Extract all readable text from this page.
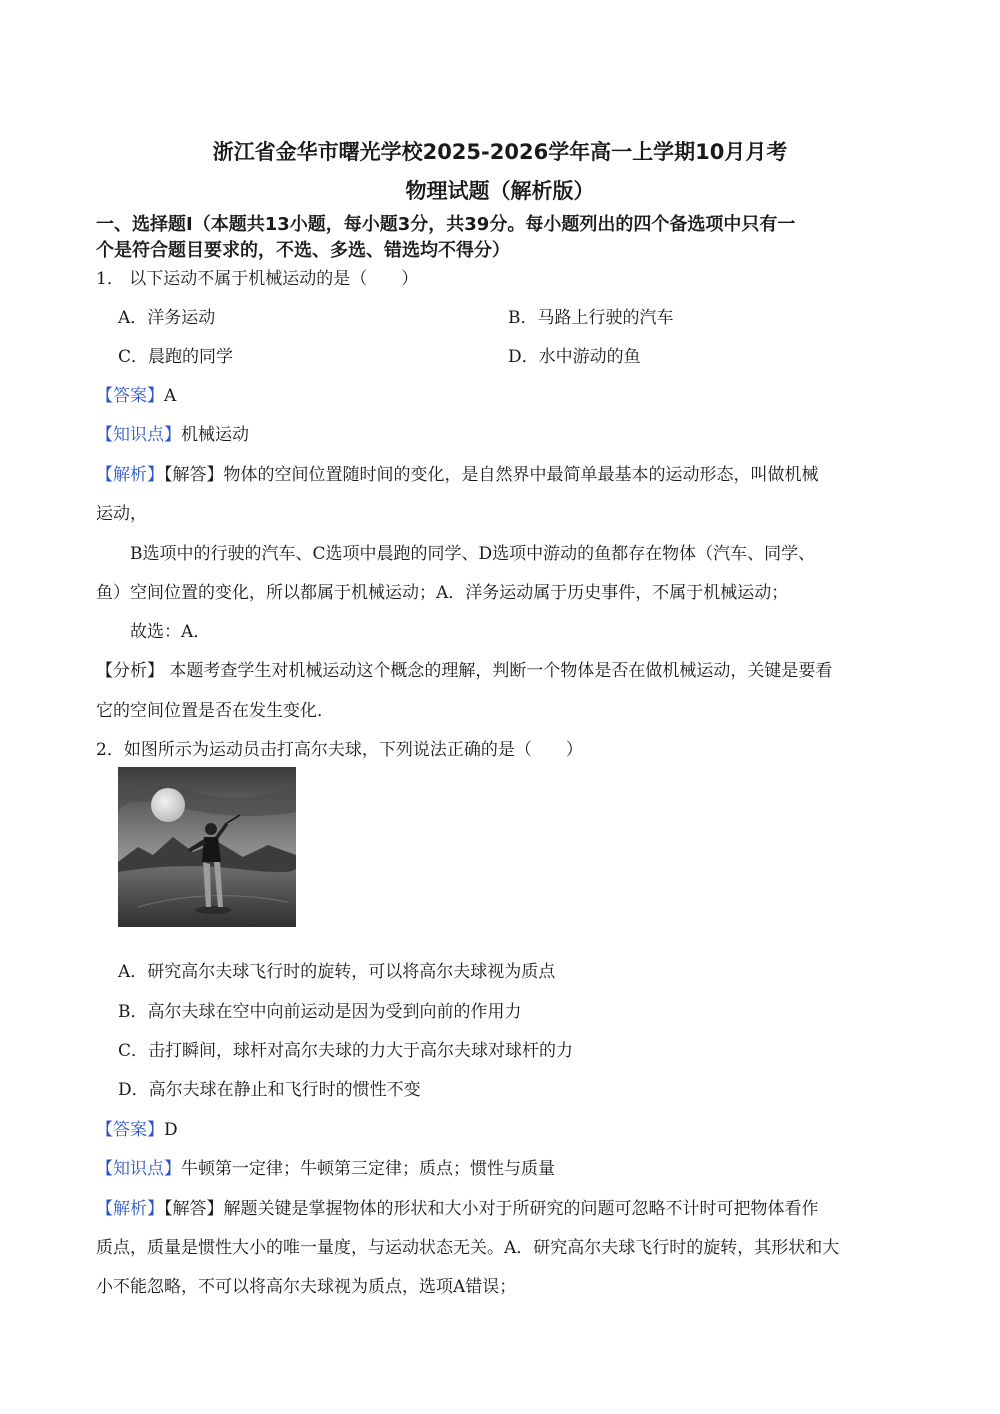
浙江省金华市曙光学校2025-2026学年高一上学期10月月考
物理试题（解析版）
一、选择题Ⅰ（本题共13小题，每小题3分，共39分。每小题列出的四个备选项中只有一
个是符合题目要求的，不选、多选、错选均不得分）
1． 以下运动不属于机械运动的是（　　）
A．洋务运动	B．马路上行驶的汽车
C．晨跑的同学	D．水中游动的鱼
【答案】A
【知识点】机械运动
【解析】【解答】物体的空间位置随时间的变化，是自然界中最简单最基本的运动形态，叫做机械
运动，
B选项中的行驶的汽车、C选项中晨跑的同学、D选项中游动的鱼都存在物体（汽车、同学、
鱼）空间位置的变化，所以都属于机械运动；A．洋务运动属于历史事件，不属于机械运动；
故选：A．
【分析】 本题考查学生对机械运动这个概念的理解，判断一个物体是否在做机械运动，关键是要看
它的空间位置是否在发生变化．
2．如图所示为运动员击打高尔夫球，下列说法正确的是（　　）
A．研究高尔夫球飞行时的旋转，可以将高尔夫球视为质点
B．高尔夫球在空中向前运动是因为受到向前的作用力
C．击打瞬间，球杆对高尔夫球的力大于高尔夫球对球杆的力
D．高尔夫球在静止和飞行时的惯性不变
【答案】D
【知识点】牛顿第一定律；牛顿第三定律；质点；惯性与质量
【解析】【解答】解题关键是掌握物体的形状和大小对于所研究的问题可忽略不计时可把物体看作
质点，质量是惯性大小的唯一量度，与运动状态无关。A．研究高尔夫球飞行时的旋转，其形状和大
小不能忽略，不可以将高尔夫球视为质点，选项A错误；
